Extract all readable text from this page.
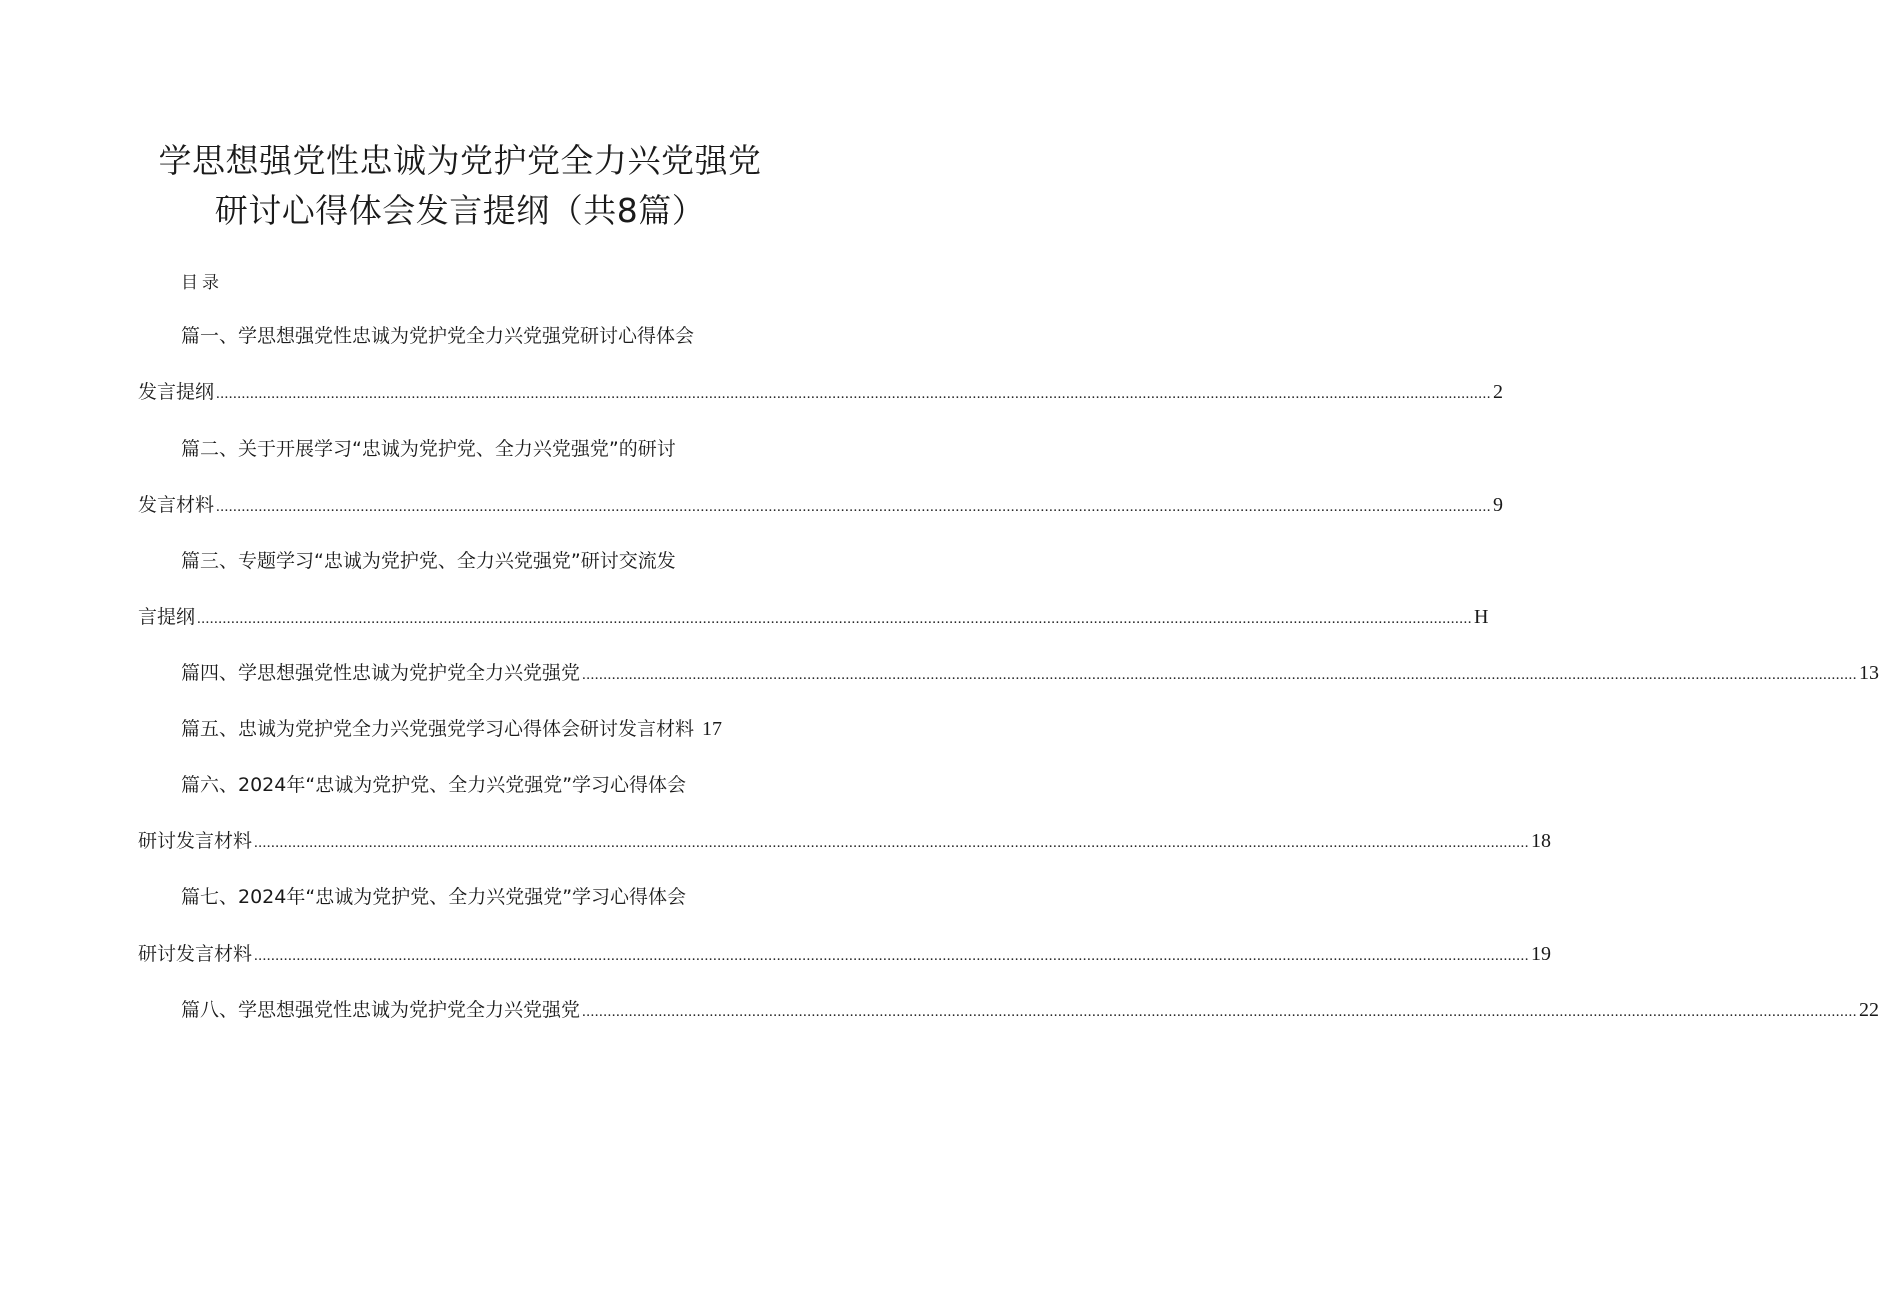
学思想强党性忠诚为党护党全力兴党强党
研讨心得体会发言提纲（共8篇）
目录
篇一、学思想强党性忠诚为党护党全力兴党强党研讨心得体会
发言提纲 ............................................................................................................................................................................................................................................................................................................ 2
篇二、关于开展学习“忠诚为党护党、全力兴党强党”的研讨
发言材料 ............................................................................................................................................................................................................................................................................................................ 9
篇三、专题学习“忠诚为党护党、全力兴党强党”研讨交流发
言提纲 ............................................................................................................................................................................................................................................................................................................ H
篇四、学思想强党性忠诚为党护党全力兴党强党 ............................................................................................................................................................................................................................................................................................................ 13
篇五、忠诚为党护党全力兴党强党学习心得体会研讨发言材料 17
篇六、2024年“忠诚为党护党、全力兴党强党”学习心得体会
研讨发言材料 ............................................................................................................................................................................................................................................................................................................ 18
篇七、2024年“忠诚为党护党、全力兴党强党”学习心得体会
研讨发言材料 ............................................................................................................................................................................................................................................................................................................ 19
篇八、学思想强党性忠诚为党护党全力兴党强党 ............................................................................................................................................................................................................................................................................................................ 22
